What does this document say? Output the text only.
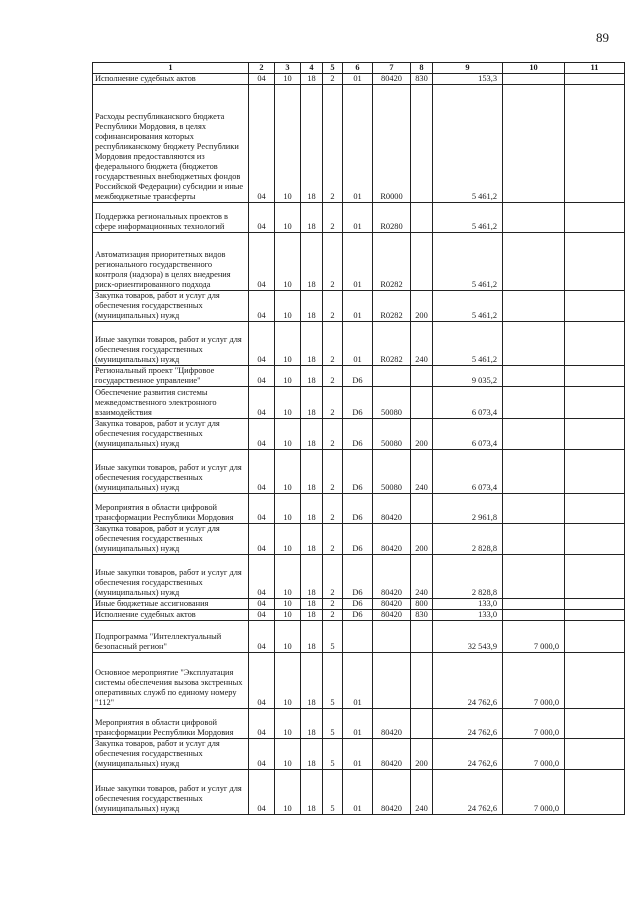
89
1	2	3	4	5	6	7	8	9	10	11
Исполнение судебных актов	04	10	18	2	01	80420	830	153,3		
Расходы республиканского бюджета Республики Мордовия, в целях софинансирования которых республиканскому бюджету Республики Мордовия предоставляются из федерального бюджета (бюджетов государственных внебюджетных фондов Российской Федерации) субсидии и иные межбюджетные трансферты	04	10	18	2	01	R0000		5 461,2		
Поддержка региональных проектов в сфере информационных технологий	04	10	18	2	01	R0280		5 461,2		
Автоматизация приоритетных видов регионального государственного контроля (надзора) в целях внедрения риск-ориентированного подхода	04	10	18	2	01	R0282		5 461,2		
Закупка товаров, работ и услуг для обеспечения государственных (муниципальных) нужд	04	10	18	2	01	R0282	200	5 461,2		
Иные закупки товаров, работ и услуг для обеспечения государственных (муниципальных) нужд	04	10	18	2	01	R0282	240	5 461,2		
Региональный проект "Цифровое государственное управление"	04	10	18	2	D6			9 035,2		
Обеспечение развития системы межведомственного электронного взаимодействия	04	10	18	2	D6	50080		6 073,4		
Закупка товаров, работ и услуг для обеспечения государственных (муниципальных) нужд	04	10	18	2	D6	50080	200	6 073,4		
Иные закупки товаров, работ и услуг для обеспечения государственных (муниципальных) нужд	04	10	18	2	D6	50080	240	6 073,4		
Мероприятия в области цифровой трансформации Республики Мордовия	04	10	18	2	D6	80420		2 961,8		
Закупка товаров, работ и услуг для обеспечения государственных (муниципальных) нужд	04	10	18	2	D6	80420	200	2 828,8		
Иные закупки товаров, работ и услуг для обеспечения государственных (муниципальных) нужд	04	10	18	2	D6	80420	240	2 828,8		
Иные бюджетные ассигнования	04	10	18	2	D6	80420	800	133,0		
Исполнение судебных актов	04	10	18	2	D6	80420	830	133,0		
Подпрограмма "Интеллектуальный безопасный регион"	04	10	18	5				32 543,9	7 000,0	
Основное мероприятие "Эксплуатация системы обеспечения вызова экстренных оперативных служб по единому номеру "112"	04	10	18	5	01			24 762,6	7 000,0	
Мероприятия в области цифровой трансформации Республики Мордовия	04	10	18	5	01	80420		24 762,6	7 000,0	
Закупка товаров, работ и услуг для обеспечения государственных (муниципальных) нужд	04	10	18	5	01	80420	200	24 762,6	7 000,0	
Иные закупки товаров, работ и услуг для обеспечения государственных (муниципальных) нужд	04	10	18	5	01	80420	240	24 762,6	7 000,0	
